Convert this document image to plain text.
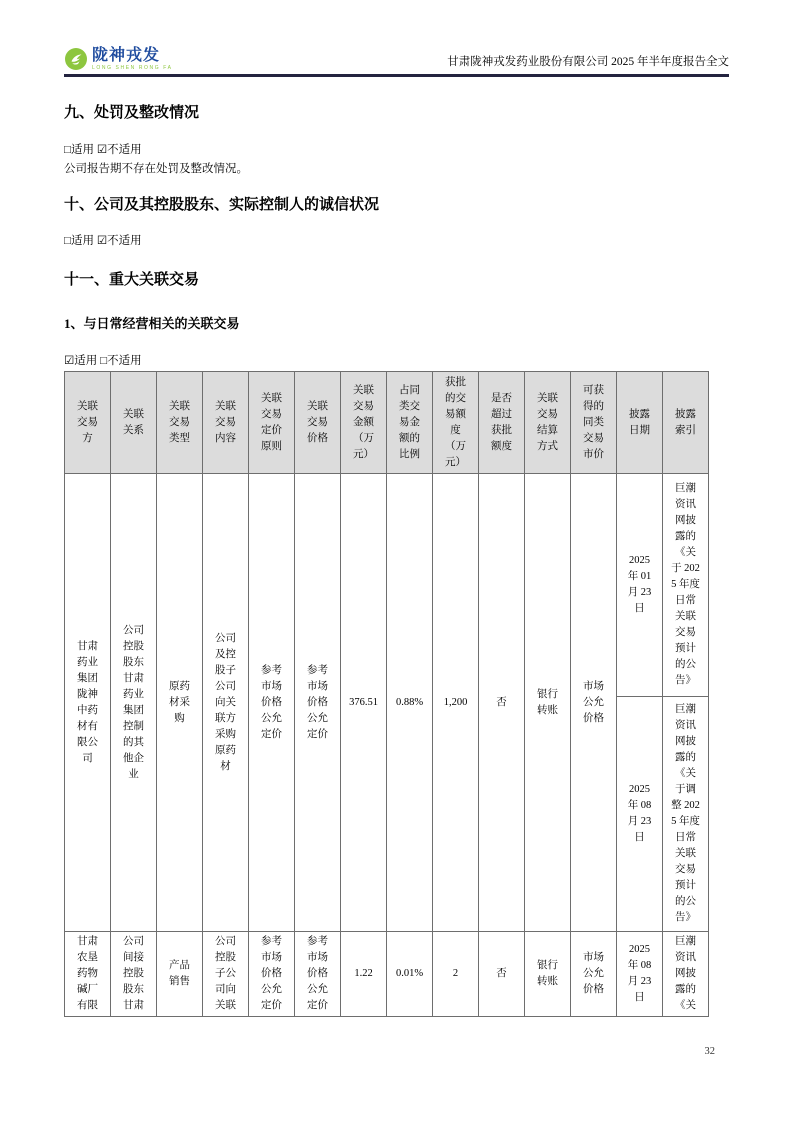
陇神戎发
LONG SHEN RONG FA	甘肃陇神戎发药业股份有限公司 2025 年半年度报告全文
九、处罚及整改情况
□适用 ☑不适用
公司报告期不存在处罚及整改情况。
十、公司及其控股股东、实际控制人的诚信状况
□适用 ☑不适用
十一、重大关联交易
1、与日常经营相关的关联交易
☑适用 □不适用
关联交易方	关联关系	关联交易类型	关联交易内容	关联交易定价原则	关联交易价格	关联交易金额（万元）	占同类交易金额的比例	获批的交易额度（万元）	是否超过获批额度	关联交易结算方式	可获得的同类交易市价	披露日期	披露索引
甘肃药业集团陇神中药材有限公司	公司控股股东甘肃药业集团控制的其他企业	原药材采购	公司及控股子公司向关联方采购原药材	参考市场价格公允定价	参考市场价格公允定价	376.51	0.88%	1,200	否	银行转账	市场公允价格	2025 年 01 月 23 日	巨潮资讯网披露的《关于 2025 年度日常关联交易预计的公告》
												2025 年 08 月 23 日	巨潮资讯网披露的《关于调整 2025 年度日常关联交易预计的公告》
甘肃农垦药物碱厂有限	公司间接控股股东甘肃	产品销售	公司控股子公司向关联	参考市场价格公允定价	参考市场价格公允定价	1.22	0.01%	2	否	银行转账	市场公允价格	2025 年 08 月 23 日	巨潮资讯网披露的《关
32
